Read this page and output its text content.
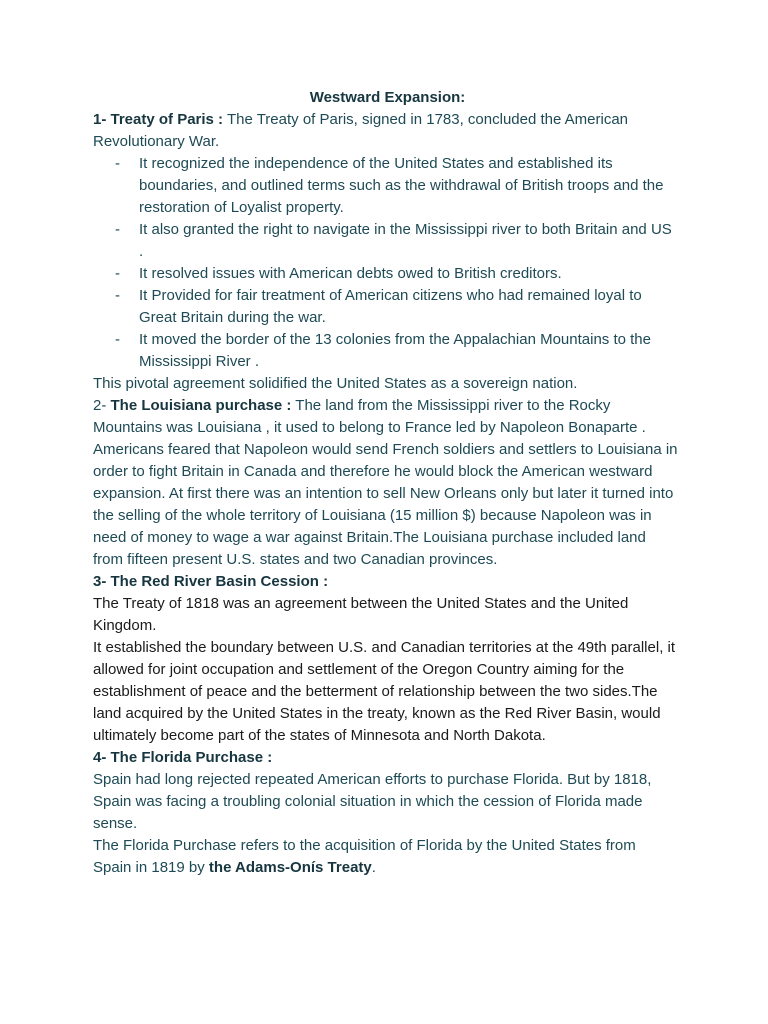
Westward Expansion:

1- Treaty of Paris : The Treaty of Paris, signed in 1783, concluded the American Revolutionary War.

- It recognized the independence of the United States and established its boundaries, and outlined terms such as the withdrawal of British troops and the restoration of Loyalist property.
- It also granted the right to navigate in the Mississippi river to both Britain and US .
- It resolved issues with American debts owed to British creditors.
- It Provided for fair treatment of American citizens who had remained loyal to Great Britain during the war.
- It moved the border of the 13 colonies from the Appalachian Mountains to the Mississippi River .

This pivotal agreement solidified the United States as a sovereign nation.

2- The Louisiana purchase : The land from the Mississippi river to the Rocky Mountains was Louisiana , it used to belong to France led by Napoleon Bonaparte . Americans feared that Napoleon would send French soldiers and settlers to Louisiana in order to fight Britain in Canada and therefore he would block the American westward expansion. At first there was an intention to sell New Orleans only but later it turned into the selling of the whole territory of Louisiana (15 million $) because Napoleon was in need of money to wage a war against Britain.The Louisiana purchase included land from fifteen present U.S. states and two Canadian provinces.

3- The Red River Basin Cession :

The Treaty of 1818 was an agreement between the United States and the United Kingdom.

It established the boundary between U.S. and Canadian territories at the 49th parallel, it allowed for joint occupation and settlement of the Oregon Country aiming for the establishment of peace and the betterment of relationship between the two sides.The land acquired by the United States in the treaty, known as the Red River Basin, would ultimately become part of the states of Minnesota and North Dakota.

4- The Florida Purchase :

Spain had long rejected repeated American efforts to purchase Florida. But by 1818, Spain was facing a troubling colonial situation in which the cession of Florida made sense.

The Florida Purchase refers to the acquisition of Florida by the United States from Spain in 1819 by the Adams-Onís Treaty.
